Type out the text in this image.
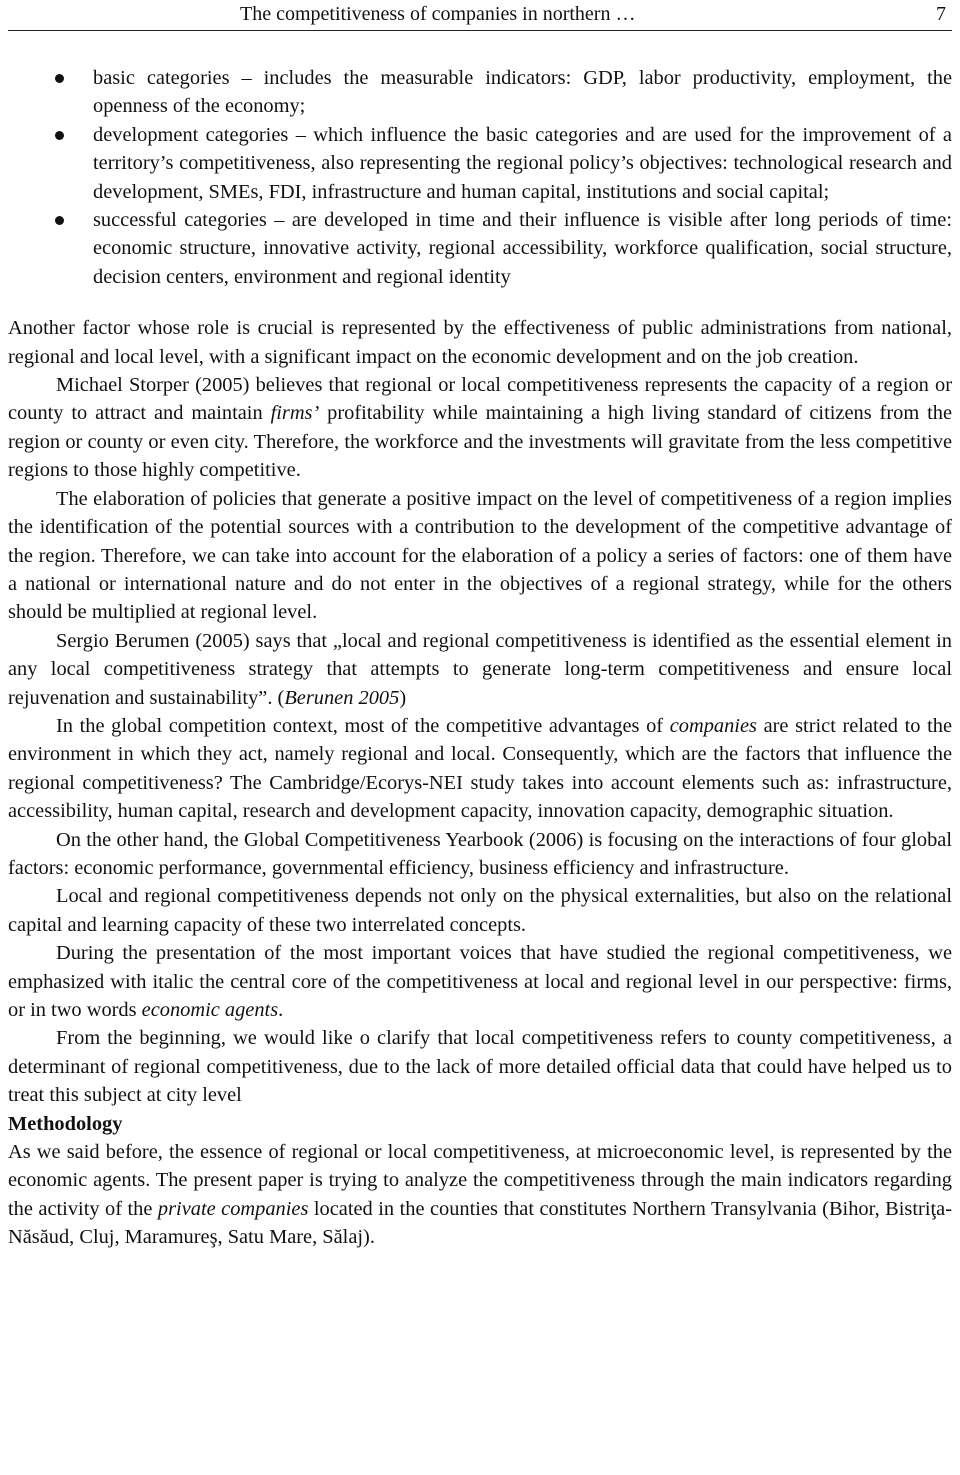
The competitiveness of companies in northern …	7
basic categories – includes the measurable indicators: GDP, labor productivity, employment, the openness of the economy;
development categories – which influence the basic categories and are used for the improvement of a territory’s competitiveness, also representing the regional policy’s objectives: technological research and development, SMEs, FDI, infrastructure and human capital, institutions and social capital;
successful categories – are developed in time and their influence is visible after long periods of time: economic structure, innovative activity, regional accessibility, workforce qualification, social structure, decision centers, environment and regional identity

Another factor whose role is crucial is represented by the effectiveness of public administrations from national, regional and local level, with a significant impact on the economic development and on the job creation.

Michael Storper (2005) believes that regional or local competitiveness represents the capacity of a region or county to attract and maintain firms’ profitability while maintaining a high living standard of citizens from the region or county or even city. Therefore, the workforce and the investments will gravitate from the less competitive regions to those highly competitive.

The elaboration of policies that generate a positive impact on the level of competitiveness of a region implies the identification of the potential sources with a contribution to the development of the competitive advantage of the region. Therefore, we can take into account for the elaboration of a policy a series of factors: one of them have a national or international nature and do not enter in the objectives of a regional strategy, while for the others should be multiplied at regional level.

Sergio Berumen (2005) says that „local and regional competitiveness is identified as the essential element in any local competitiveness strategy that attempts to generate long-term competitiveness and ensure local rejuvenation and sustainability”. (Berunen 2005)

In the global competition context, most of the competitive advantages of companies are strict related to the environment in which they act, namely regional and local. Consequently, which are the factors that influence the regional competitiveness? The Cambridge/Ecorys-NEI study takes into account elements such as: infrastructure, accessibility, human capital, research and development capacity, innovation capacity, demographic situation.

On the other hand, the Global Competitiveness Yearbook (2006) is focusing on the interactions of four global factors: economic performance, governmental efficiency, business efficiency and infrastructure.

Local and regional competitiveness depends not only on the physical externalities, but also on the relational capital and learning capacity of these two interrelated concepts.

During the presentation of the most important voices that have studied the regional competitiveness, we emphasized with italic the central core of the competitiveness at local and regional level in our perspective: firms, or in two words economic agents.

From the beginning, we would like o clarify that local competitiveness refers to county competitiveness, a determinant of regional competitiveness, due to the lack of more detailed official data that could have helped us to treat this subject at city level

Methodology

As we said before, the essence of regional or local competitiveness, at microeconomic level, is represented by the economic agents. The present paper is trying to analyze the competitiveness through the main indicators regarding the activity of the private companies located in the counties that constitutes Northern Transylvania (Bihor, Bistriţa-Năsăud, Cluj, Maramureş, Satu Mare, Sălaj).
